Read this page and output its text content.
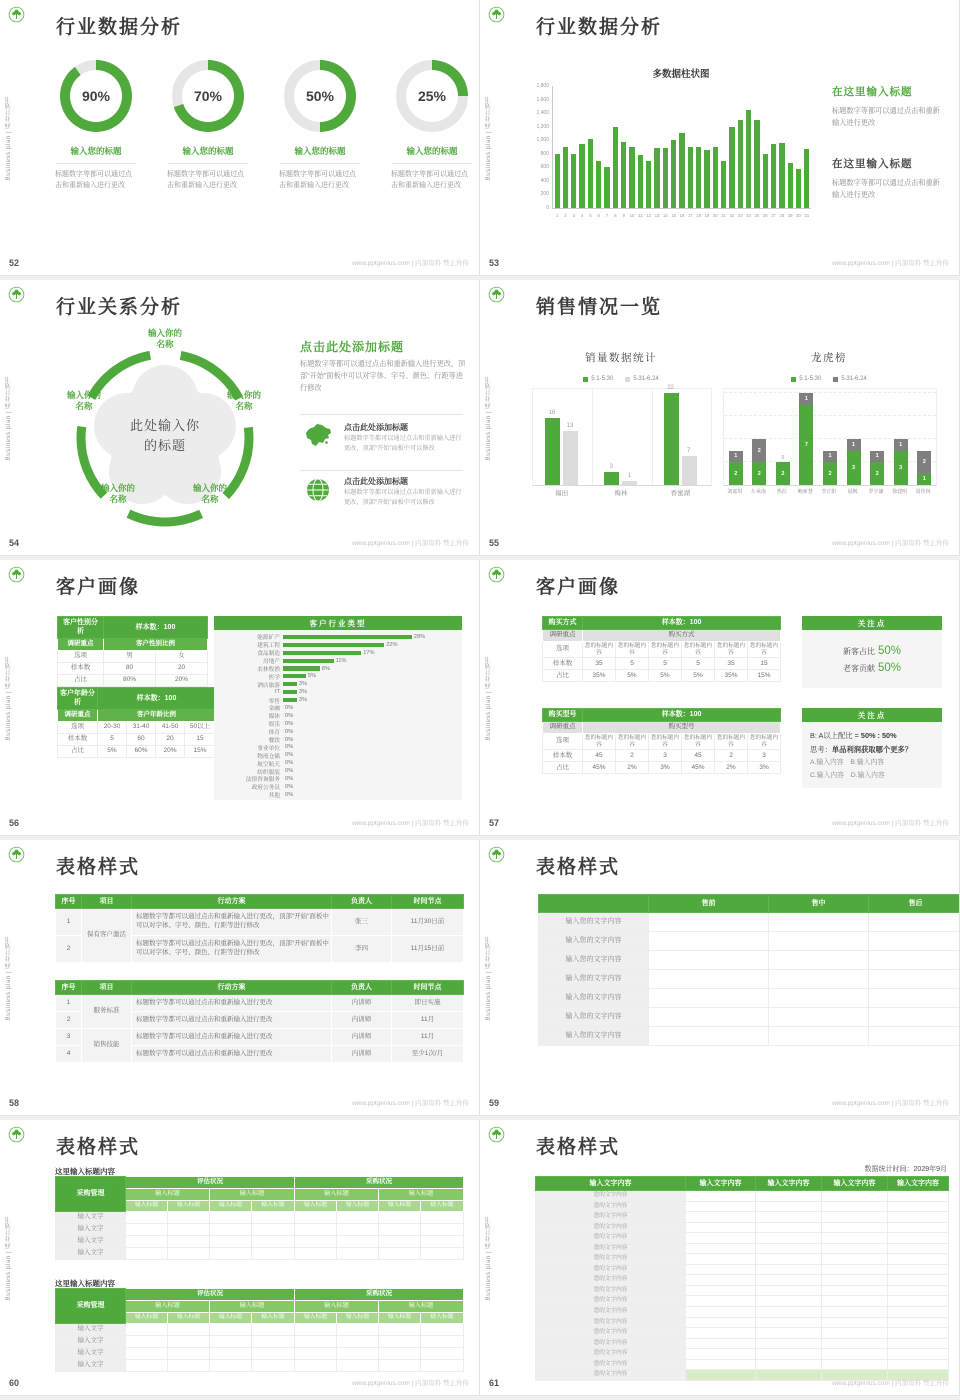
Business plan | 商业计划书
行业数据分析
90%
输入您的标题
标题数字等都可以通过点击和重新输入进行更改
70%
输入您的标题
标题数字等都可以通过点击和重新输入进行更改
50%
输入您的标题
标题数字等都可以通过点击和重新输入进行更改
25%
输入您的标题
标题数字等都可以通过点击和重新输入进行更改
52	www.pptgenius.com | 内部资料 禁止外传
Business plan | 商业计划书
行业数据分析
多数据柱状图
1	2	3	4	5	6	7	8	9	10 11 12 13 14 15 16 17 18 19 20 21 22 23 24 25 26 27 28 29 30 31
1,800
1,600
1,400
1,200
1,000
800
600
400
200
0
在这里输入标题

标题数字等都可以通过点击和重新输入进行更改

在这里输入标题

标题数字等都可以通过点击和重新输入进行更改

53	www.pptgenius.com | 内部资料 禁止外传
Business plan | 商业计划书
行业关系分析
此处输入你的标题
输入你的名称
输入你的名称
输入你的名称
输入你的名称
输入你的名称
点击此处添加标题

标题数字等都可以通过点击和重新输入进行更改，顶部“开始”面板中可以对字体、字号、颜色、行距等进行修改

点击此处添加标题

标题数字等都可以通过点击和重新输入进行更改，顶部“开始”面板中可以修改

点击此处添加标题

标题数字等都可以通过点击和重新输入进行更改，顶部“开始”面板中可以修改

54	www.pptgenius.com | 内部资料 禁止外传
Business plan | 商业计划书
销售情况一览
销量数据统计	龙虎榜
5.1-5.30	5.31-6.24	5.1-5.30	5.31-6.24
16
13
3
1
22
7
2
1
2
2
2
0
7
1
2
1
3
1
2
1
3
1
1
2
福田	梅林	香蜜湖	刘嘉琪	左承南	热拉	鲍新慧	李正阳	晨枫	罗宇谦	徐建明	周佳林
55	www.pptgenius.com | 内部资料 禁止外传
Business plan | 商业计划书
客户画像
客户性别分析	样本数：100	
调研重点	客户性别比例	
选项	男	女
样本数	80	20
占比	80%	20%
客户年龄分析	样本数：100			
调研重点	客户年龄比例			
选项	20-30	31-40	41-50	50以上
样本数	5	60	20	15
占比	5%	60%	20%	15%
客户行业类型
能源矿产	28%
建筑工程	22%
食品制造	17%
房地产	11%
农林牧渔	8%
医学	5%
酒店旅游	3%
IT	3%
零售	3%
金融 0%
媒体 0%
娱乐 0%
体育 0%
餐饮 0%
事业单位 0%
物流仓储 0%
航空航天 0%
纺织服装 0%
法律咨询服务 0%
政府公务员 0%
其他 0%
56	www.pptgenius.com | 内部资料 禁止外传
Business plan | 商业计划书
客户画像
购买方式	样本数：100					
调研重点	购买方式					
选项	您的标题内容	您的标题内容	您的标题内容	您的标题内容	您的标题内容	您的标题内容
样本数	35	5	5	5	35	15
占比	35%	5%	5%	5%	35%	15%
购买型号	样本数：100					
调研重点	购买型号					
选项	您的标题内容	您的标题内容	您的标题内容	您的标题内容	您的标题内容	您的标题内容
样本数	45	2	3	45	2	3
占比	45%	2%	3%	45%	2%	3%
关注点
新客占比 50%
老客贡献 50%
关注点
B: A以上配比 = 50% : 50%
思考：单品利润获取哪个更多？
A.输入内容　B.输入内容
C.输入内容　D.输入内容
57	www.pptgenius.com | 内部资料 禁止外传
Business plan | 商业计划书
表格样式
序号	项目	行动方案	负责人	时间节点
1	保有客户激活	标题数字等都可以通过点击和重新输入进行更改，顶部“开始”面板中可以对字体、字号、颜色、行距等进行修改	张三	11月30日前
2		标题数字等都可以通过点击和重新输入进行更改，顶部“开始”面板中可以对字体、字号、颜色、行距等进行修改	李四	11月15日前
序号	项目	行动方案	负责人	时间节点
1	服务标准	标题数字等都可以通过点击和重新输入进行更改	内训师	即日实施
2		标题数字等都可以通过点击和重新输入进行更改	内训师	11月
3	销售技能	标题数字等都可以通过点击和重新输入进行更改	内训师	11月
4		标题数字等都可以通过点击和重新输入进行更改	内训师	至少1次/月
58	www.pptgenius.com | 内部资料 禁止外传
Business plan | 商业计划书
表格样式
	售前	售中	售后
输入您的文字内容			
输入您的文字内容			
输入您的文字内容			
输入您的文字内容			
输入您的文字内容			
输入您的文字内容			
输入您的文字内容			
59	www.pptgenius.com | 内部资料 禁止外传
Business plan | 商业计划书
表格样式
这里输入标题内容
采购管理	评估状况				采购状况			
	输入标题		输入标题		输入标题		输入标题	
	输入标题	输入标题	输入标题	输入标题	输入标题	输入标题	输入标题	输入标题
输入文字								
输入文字								
输入文字								
输入文字								
这里输入标题内容
采购管理	评估状况				采购状况			
	输入标题		输入标题		输入标题		输入标题	
	输入标题	输入标题	输入标题	输入标题	输入标题	输入标题	输入标题	输入标题
输入文字								
输入文字								
输入文字								
输入文字								
60	www.pptgenius.com | 内部资料 禁止外传
Business plan | 商业计划书
表格样式
数据统计时间：2029年9月
输入文字内容	输入文字内容	输入文字内容	输入文字内容	输入文字内容
您的文字内容				
您的文字内容				
您的文字内容				
您的文字内容				
您的文字内容				
您的文字内容				
您的文字内容				
您的文字内容				
您的文字内容				
您的文字内容				
您的文字内容				
您的文字内容				
您的文字内容				
您的文字内容				
您的文字内容				
您的文字内容				
您的文字内容				
您的文字内容				
61	www.pptgenius.com | 内部资料 禁止外传
